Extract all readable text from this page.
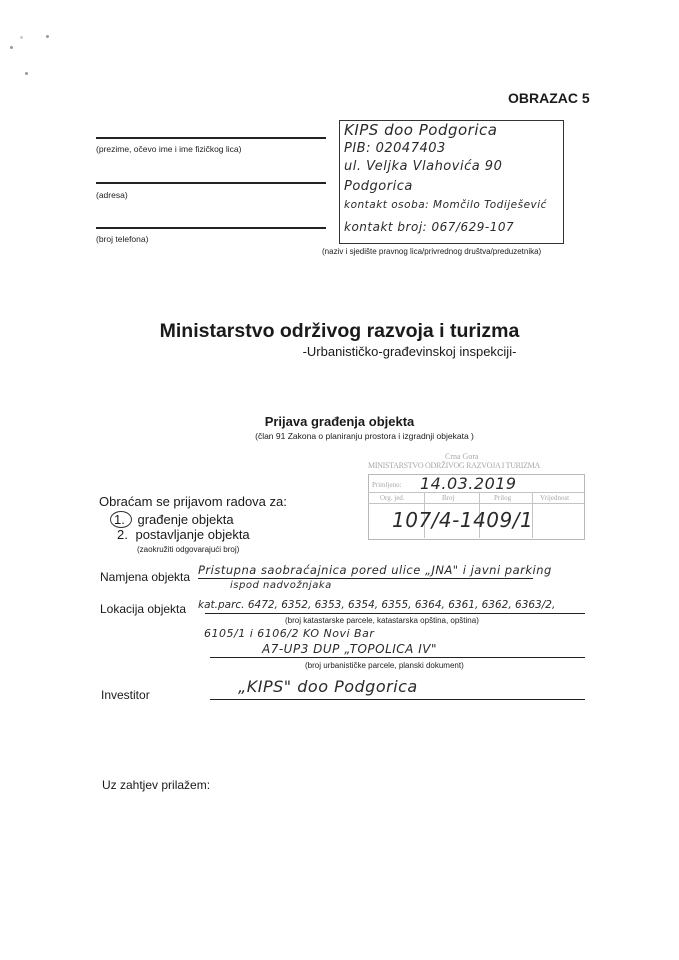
OBRAZAC 5
(prezime, očevo ime i ime fizičkog lica)
(adresa)
(broj telefona)
KIPS doo Podgorica
PIB: 02047403
ul. Veljka Vlahovića 90
Podgorica
kontakt osoba: Momčilo Todiješević
kontakt broj: 067/629-107
(naziv i sjedište pravnog lica/privrednog društva/preduzetnika)
Ministarstvo održivog razvoja i turizma
-Urbanističko-građevinskoj inspekciji-
Prijava građenja objekta
(član 91 Zakona o planiranju prostora i izgradnji objekata )
Crna Gora
MINISTARSTVO ODRŽIVOG RAZVOJA I TURIZMA
Primljeno:
Org. jed.	Broj	Prilog	Vrijednost
14.03.2019
107/4-1409/1
Obraćam se prijavom radova za:
1. građenje objekta
2. postavljanje objekta
(zaokružiti odgovarajući broj)
Namjena objekta Pristupna saobraćajnica pored ulice „JNA" i javni parking
ispod nadvožnjaka
Lokacija objekta kat.parc. 6472, 6352, 6353, 6354, 6355, 6364, 6361, 6362, 6363/2,
(broj katastarske parcele, katastarska opština, opština)
6105/1 i 6106/2 KO Novi Bar
A7-UP3 DUP „TOPOLICA IV"
(broj urbanističke parcele, planski dokument)
Investitor	„KIPS" doo Podgorica
Uz zahtjev prilažem:
